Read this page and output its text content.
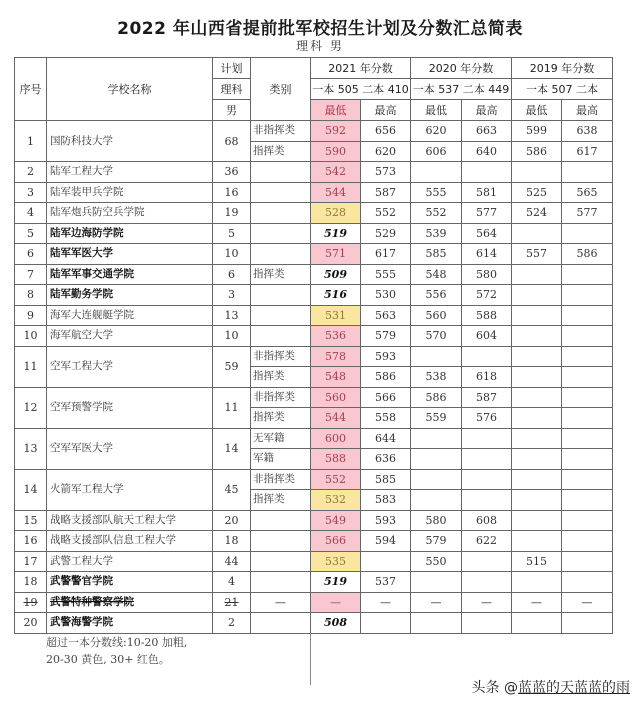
2022 年山西省提前批军校招生计划及分数汇总简表
理科 男
序号	学校名称	计划	类别	2021 年分数		2020 年分数		2019 年分数	
		理科		一本 505 二本 410		一本 537 二本 449		一本 507 二本	
		男		最低	最高	最低	最高	最低	最高
1	国防科技大学	68	非指挥类	592	656	620	663	599	638
			指挥类	590	620	606	640	586	617
2	陆军工程大学	36		542	573				
3	陆军装甲兵学院	16		544	587	555	581	525	565
4	陆军炮兵防空兵学院	19		528	552	552	577	524	577
5	陆军边海防学院	5		519	529	539	564		
6	陆军军医大学	10		571	617	585	614	557	586
7	陆军军事交通学院	6	指挥类	509	555	548	580		
8	陆军勤务学院	3		516	530	556	572		
9	海军大连舰艇学院	13		531	563	560	588		
10	海军航空大学	10		536	579	570	604		
11	空军工程大学	59	非指挥类	578	593				
			指挥类	548	586	538	618		
12	空军预警学院	11	非指挥类	560	566	586	587		
			指挥类	544	558	559	576		
13	空军军医大学	14	无军籍	600	644				
			军籍	588	636				
14	火箭军工程大学	45	非指挥类	552	585				
			指挥类	532	583				
15	战略支援部队航天工程大学	20		549	593	580	608		
16	战略支援部队信息工程大学	18		566	594	579	622		
17	武警工程大学	44		535		550		515	
18	武警警官学院	4		519	537				
19	武警特种警察学院	21	—	—	—	—	—	—	—
20	武警海警学院	2		508					
超过一本分数线:10-20 加粗,
20-30 黄色, 30+ 红色。
头条 @蓝蓝的天蓝蓝的雨
